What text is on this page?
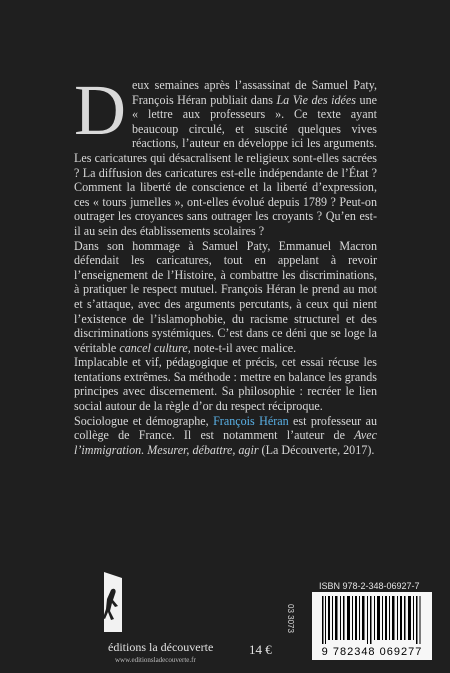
Deux semaines après l’assassinat de Samuel Paty, François Héran publiait dans La Vie des idées une « lettre aux professeurs ». Ce texte ayant beaucoup circulé, et suscité quelques vives réactions, l’auteur en développe ici les arguments. Les caricatures qui désacralisent le religieux sont-elles sacrées ? La diffusion des caricatures est-elle indépendante de l’État ? Comment la liberté de conscience et la liberté d’expression, ces « tours jumelles », ont-elles évolué depuis 1789 ? Peut-on outrager les croyances sans outrager les croyants ? Qu’en est-il au sein des établissements scolaires ?

Dans son hommage à Samuel Paty, Emmanuel Macron défendait les caricatures, tout en appelant à revoir l’enseignement de l’Histoire, à combattre les discriminations, à pratiquer le respect mutuel. François Héran le prend au mot et s’attaque, avec des arguments percutants, à ceux qui nient l’existence de l’islamophobie, du racisme structurel et des discriminations systémiques. C’est dans ce déni que se loge la véritable cancel culture, note-t-il avec malice.

Implacable et vif, pédagogique et précis, cet essai récuse les tentations extrêmes. Sa méthode : mettre en balance les grands principes avec discernement. Sa philosophie : recréer le lien social autour de la règle d’or du respect réciproque.

Sociologue et démographe, François Héran est professeur au collège de France. Il est notamment l’auteur de Avec l’immigration. Mesurer, débattre, agir (La Découverte, 2017).

éditions la découverte
www.editionsladecouverte.fr
14 €
03 3073
ISBN 978-2-348-06927-7
9 782348 069277
